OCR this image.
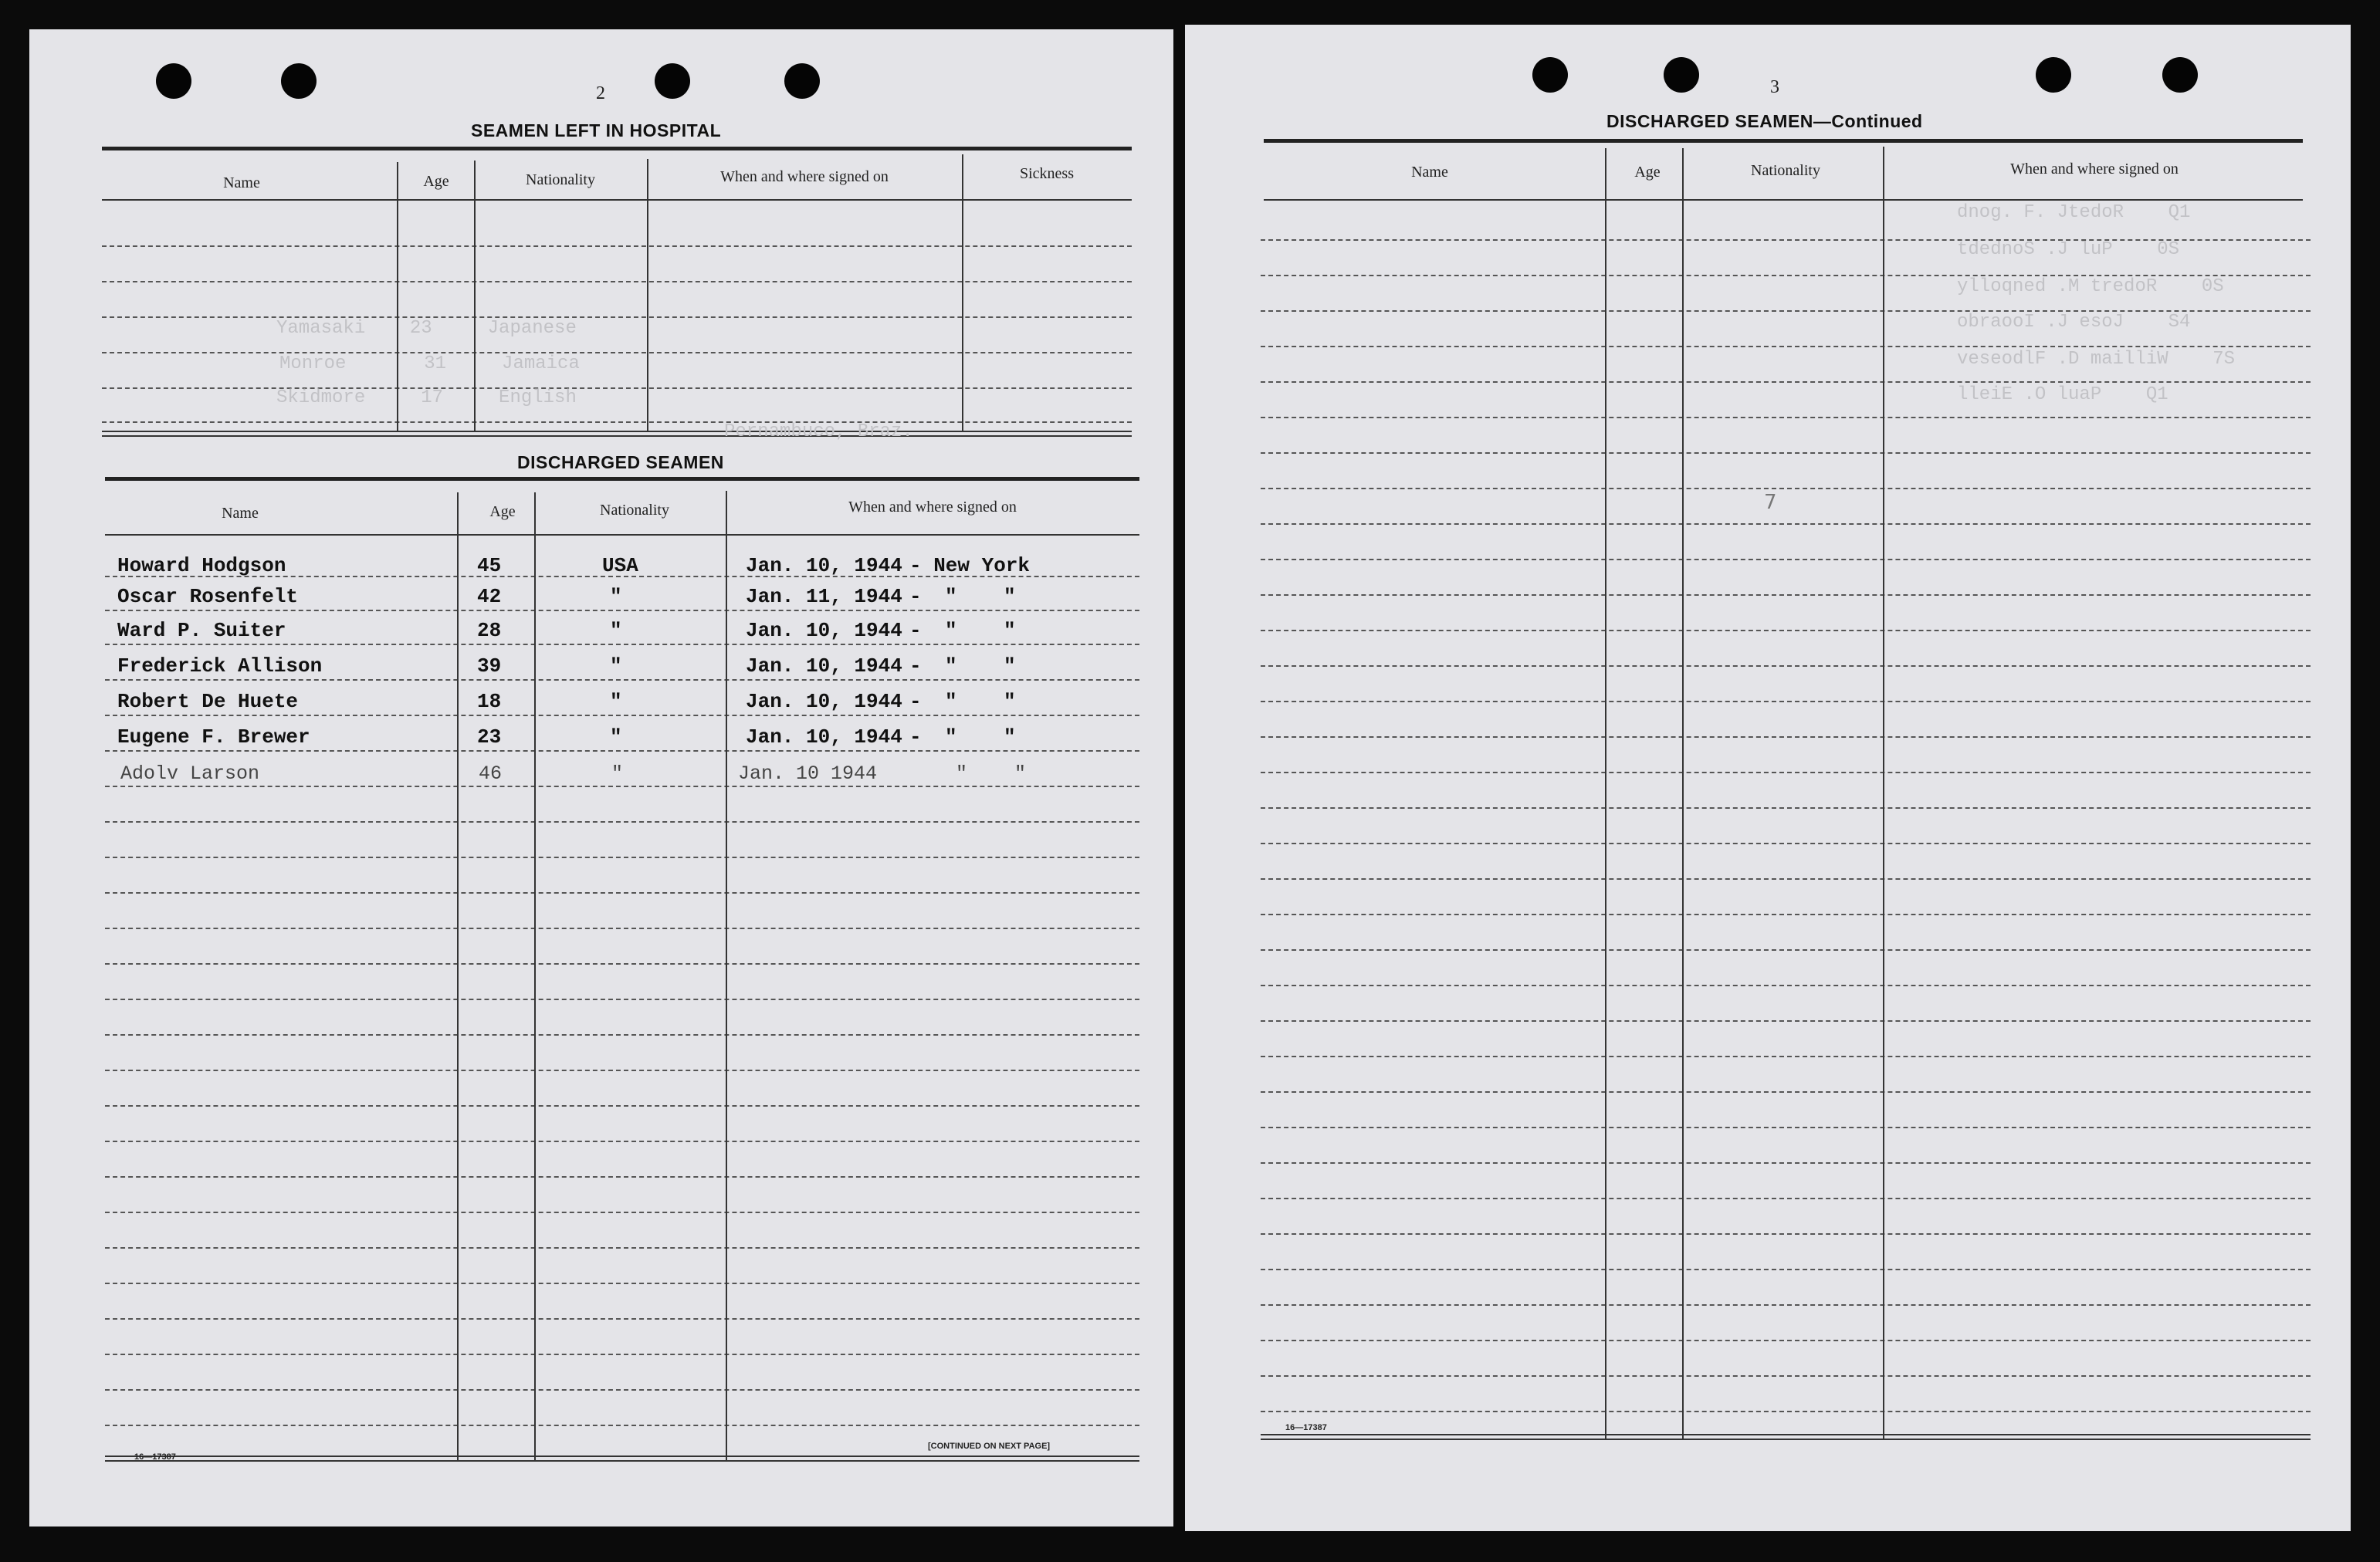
2
SEAMEN LEFT IN HOSPITAL
Name	Age	Nationality	When and where signed on	Sickness
Yamasaki    23     Japanese
Monroe       31     Jamaica
Skidmore     17     English
Pernambuco, Braz.
DISCHARGED SEAMEN
Name	Age	Nationality	When and where signed on
Howard Hodgson	45	USA	Jan. 10, 1944 - New York
Oscar Rosenfelt	42	"	Jan. 11, 1944 - " "
Ward P. Suiter	28	"	Jan. 10, 1944 - " "
Frederick Allison	39	"	Jan. 10, 1944 - " "
Robert De Huete	18	"	Jan. 10, 1944 - " "
Eugene F. Brewer	23	"	Jan. 10, 1944 - " "
Adolv Larson	46	"	Jan. 10 1944	" "
16—17387
[CONTINUED ON NEXT PAGE]
3
DISCHARGED SEAMEN—Continued
Name	Age	Nationality	When and where signed on
dnog. F. JtedoR    Q1
tdednoS .J luP    0S
ylloqned .M tredoR    0S
obraooI .J esoJ    S4
veseodlF .D mailliW    7S
lleiE .O luaP    Q1
7
16—17387
